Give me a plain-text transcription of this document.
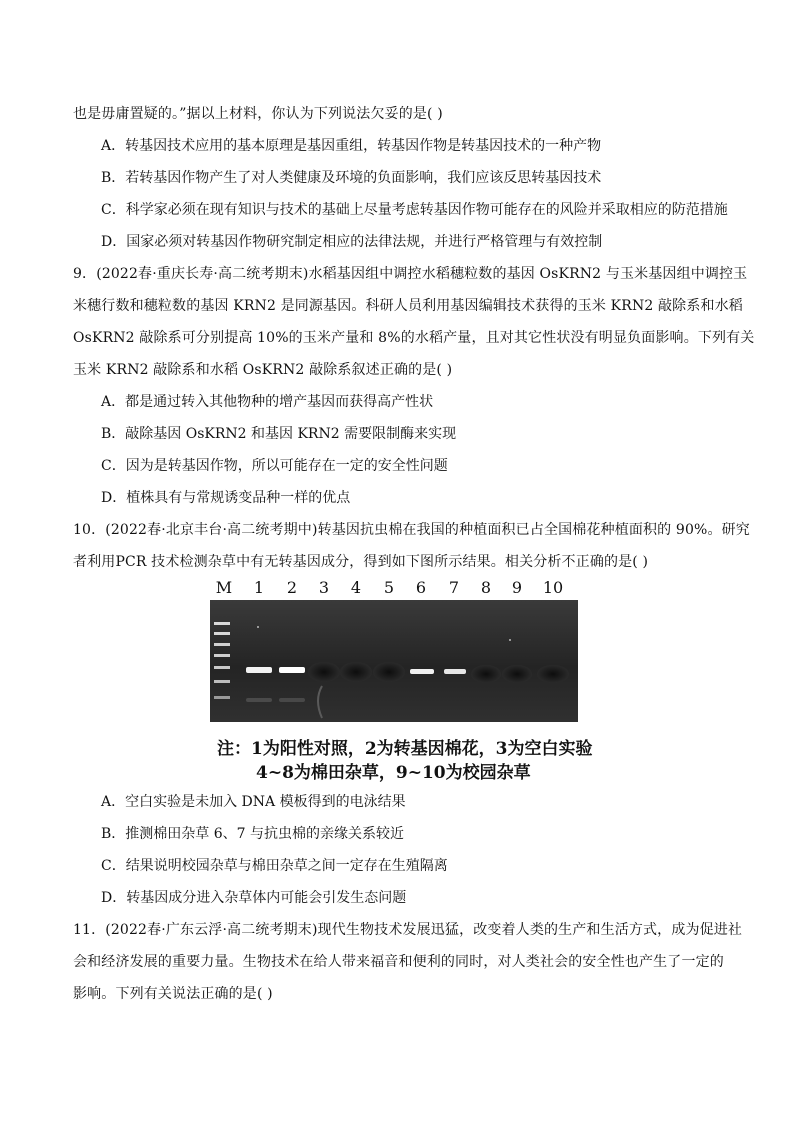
也是毋庸置疑的。”据以上材料，你认为下列说法欠妥的是( )
A．转基因技术应用的基本原理是基因重组，转基因作物是转基因技术的一种产物
B．若转基因作物产生了对人类健康及环境的负面影响，我们应该反思转基因技术
C．科学家必须在现有知识与技术的基础上尽量考虑转基因作物可能存在的风险并采取相应的防范措施
D．国家必须对转基因作物研究制定相应的法律法规，并进行严格管理与有效控制
9．(2022春·重庆长寿·高二统考期末)水稻基因组中调控水稻穗粒数的基因 OsKRN2 与玉米基因组中调控玉
米穗行数和穗粒数的基因 KRN2 是同源基因。科研人员利用基因编辑技术获得的玉米 KRN2 敲除系和水稻
OsKRN2 敲除系可分别提高 10%的玉米产量和 8%的水稻产量，且对其它性状没有明显负面影响。下列有关
玉米 KRN2 敲除系和水稻 OsKRN2 敲除系叙述正确的是( )
A．都是通过转入其他物种的增产基因而获得高产性状
B．敲除基因 OsKRN2 和基因 KRN2 需要限制酶来实现
C．因为是转基因作物，所以可能存在一定的安全性问题
D．植株具有与常规诱变品种一样的优点
10．(2022春·北京丰台·高二统考期中)转基因抗虫棉在我国的种植面积已占全国棉花种植面积的 90%。研究
者利用PCR 技术检测杂草中有无转基因成分，得到如下图所示结果。相关分析不正确的是( )
M 1 2 3 4 5 6 7 8 9 10
注：1为阳性对照，2为转基因棉花，3为空白实验
4~8为棉田杂草，9~10为校园杂草
A．空白实验是未加入 DNA 模板得到的电泳结果
B．推测棉田杂草 6、7 与抗虫棉的亲缘关系较近
C．结果说明校园杂草与棉田杂草之间一定存在生殖隔离
D．转基因成分进入杂草体内可能会引发生态问题
11．(2022春·广东云浮·高二统考期末)现代生物技术发展迅猛，改变着人类的生产和生活方式，成为促进社
会和经济发展的重要力量。生物技术在给人带来福音和便利的同时，对人类社会的安全性也产生了一定的
影响。下列有关说法正确的是( )
